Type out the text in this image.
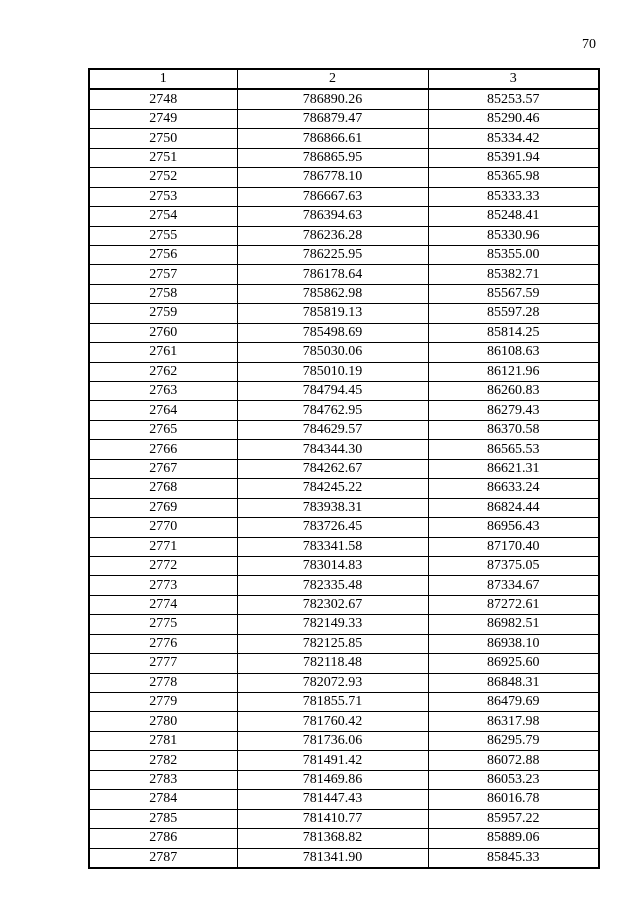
70
1	2	3
2748	786890.26	85253.57
2749	786879.47	85290.46
2750	786866.61	85334.42
2751	786865.95	85391.94
2752	786778.10	85365.98
2753	786667.63	85333.33
2754	786394.63	85248.41
2755	786236.28	85330.96
2756	786225.95	85355.00
2757	786178.64	85382.71
2758	785862.98	85567.59
2759	785819.13	85597.28
2760	785498.69	85814.25
2761	785030.06	86108.63
2762	785010.19	86121.96
2763	784794.45	86260.83
2764	784762.95	86279.43
2765	784629.57	86370.58
2766	784344.30	86565.53
2767	784262.67	86621.31
2768	784245.22	86633.24
2769	783938.31	86824.44
2770	783726.45	86956.43
2771	783341.58	87170.40
2772	783014.83	87375.05
2773	782335.48	87334.67
2774	782302.67	87272.61
2775	782149.33	86982.51
2776	782125.85	86938.10
2777	782118.48	86925.60
2778	782072.93	86848.31
2779	781855.71	86479.69
2780	781760.42	86317.98
2781	781736.06	86295.79
2782	781491.42	86072.88
2783	781469.86	86053.23
2784	781447.43	86016.78
2785	781410.77	85957.22
2786	781368.82	85889.06
2787	781341.90	85845.33
